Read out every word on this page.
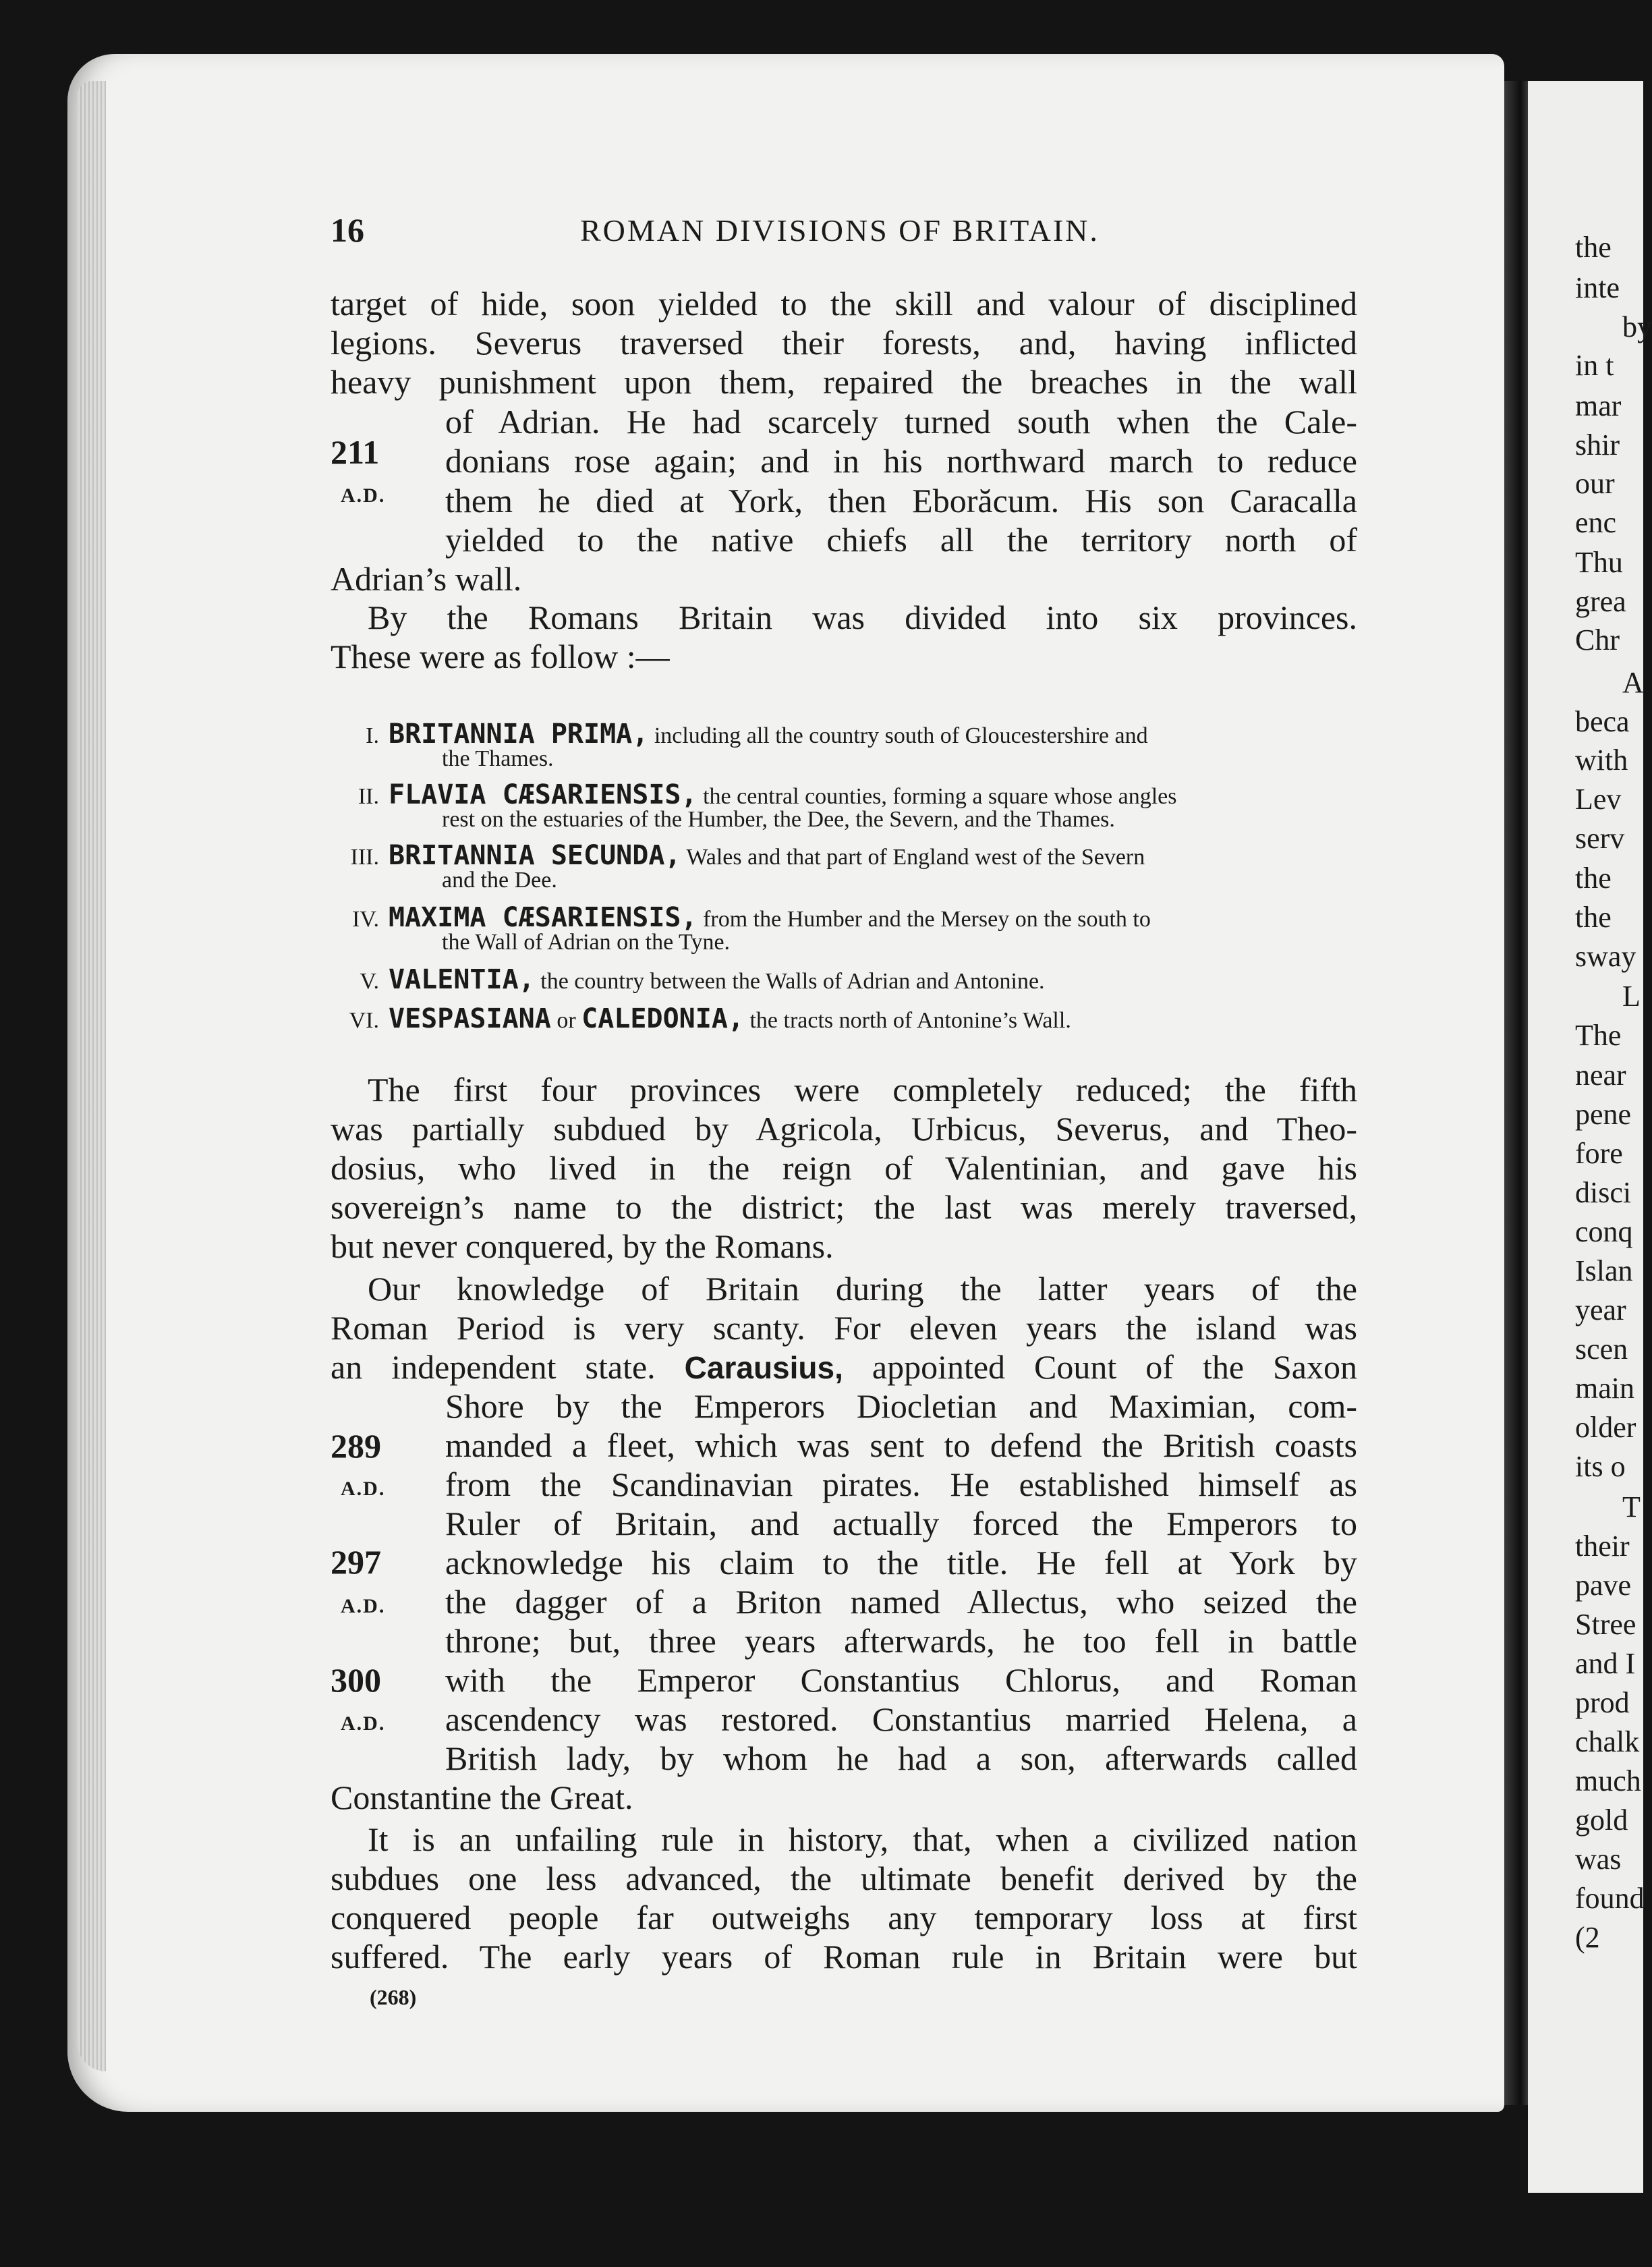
the
inte
by
in t
mar
shir
our
enc
Thu
grea
Chr
A
beca
with
Lev
serv
the
the
sway
L
The
near
pene
fore
disci
conq
Islan
year
scen
main
older
its o
T
their
pave
Stree
and I
prod
chalk
much
gold
was
found
(2
16	ROMAN DIVISIONS OF BRITAIN.
target of hide, soon yielded to the skill and valour of disciplined
legions. Severus traversed their forests, and, having inflicted
heavy punishment upon them, repaired the breaches in the wall
of Adrian. He had scarcely turned south when the Cale-
donians rose again; and in his northward march to reduce
them he died at York, then Eborăcum. His son Caracalla
yielded to the native chiefs all the territory north of
Adrian’s wall.
211
A.D.
By the Romans Britain was divided into six provinces.
These were as follow :—
I. BRITANNIA PRIMA, including all the country south of Gloucestershire and
the Thames.
II. FLAVIA CÆSARIENSIS, the central counties, forming a square whose angles
rest on the estuaries of the Humber, the Dee, the Severn, and the Thames.
III. BRITANNIA SECUNDA, Wales and that part of England west of the Severn
and the Dee.
IV. MAXIMA CÆSARIENSIS, from the Humber and the Mersey on the south to
the Wall of Adrian on the Tyne.
V. VALENTIA, the country between the Walls of Adrian and Antonine.
VI. VESPASIANA or CALEDONIA, the tracts north of Antonine’s Wall.
The first four provinces were completely reduced; the fifth
was partially subdued by Agricola, Urbicus, Severus, and Theo-
dosius, who lived in the reign of Valentinian, and gave his
sovereign’s name to the district; the last was merely traversed,
but never conquered, by the Romans.
Our knowledge of Britain during the latter years of the
Roman Period is very scanty. For eleven years the island was
an independent state. Carausius, appointed Count of the Saxon
Shore by the Emperors Diocletian and Maximian, com-
manded a fleet, which was sent to defend the British coasts
from the Scandinavian pirates. He established himself as
Ruler of Britain, and actually forced the Emperors to
acknowledge his claim to the title. He fell at York by
the dagger of a Briton named Allectus, who seized the
throne; but, three years afterwards, he too fell in battle
with the Emperor Constantius Chlorus, and Roman
ascendency was restored. Constantius married Helena, a
British lady, by whom he had a son, afterwards called
Constantine the Great.
289
A.D.
297
A.D.
300
A.D.
It is an unfailing rule in history, that, when a civilized nation
subdues one less advanced, the ultimate benefit derived by the
conquered people far outweighs any temporary loss at first
suffered. The early years of Roman rule in Britain were but
(268)
